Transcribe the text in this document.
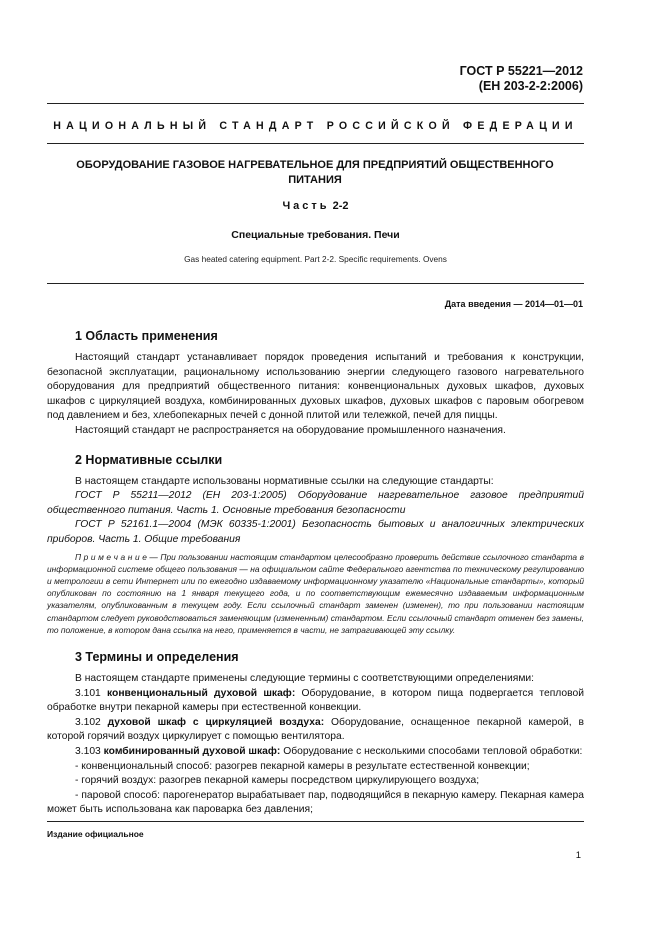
ГОСТ Р 55221—2012
(ЕН 203-2-2:2006)
НАЦИОНАЛЬНЫЙ СТАНДАРТ РОССИЙСКОЙ ФЕДЕРАЦИИ
ОБОРУДОВАНИЕ ГАЗОВОЕ НАГРЕВАТЕЛЬНОЕ ДЛЯ ПРЕДПРИЯТИЙ ОБЩЕСТВЕННОГО ПИТАНИЯ
Часть 2-2
Специальные требования. Печи
Gas heated catering equipment. Part 2-2. Specific requirements. Ovens
Дата введения — 2014—01—01
1 Область применения

Настоящий стандарт устанавливает порядок проведения испытаний и требования к конструкции, безопасной эксплуатации, рациональному использованию энергии следующего газового нагревательного оборудования для предприятий общественного питания: конвенциональных духовых шкафов, духовых шкафов с циркуляцией воздуха, комбинированных духовых шкафов, духовых шкафов с паровым обогревом под давлением и без, хлебопекарных печей с донной плитой или тележкой, печей для пиццы.

Настоящий стандарт не распространяется на оборудование промышленного назначения.

2 Нормативные ссылки

В настоящем стандарте использованы нормативные ссылки на следующие стандарты:

ГОСТ Р 55211—2012 (ЕН 203-1:2005) Оборудование нагревательное газовое предприятий общественного питания. Часть 1. Основные требования безопасности

ГОСТ Р 52161.1—2004 (МЭК 60335-1:2001) Безопасность бытовых и аналогичных электрических приборов. Часть 1. Общие требования

П р и м е ч а н и е — При пользовании настоящим стандартом целесообразно проверить действие ссылочного стандарта в информационной системе общего пользования — на официальном сайте Федерального агентства по техническому регулированию и метрологии в сети Интернет или по ежегодно издаваемому информационному указателю «Национальные стандарты», который опубликован по состоянию на 1 января текущего года, и по соответствующим ежемесячно издаваемым информационным указателям, опубликованным в текущем году. Если ссылочный стандарт заменен (изменен), то при пользовании настоящим стандартом следует руководствоваться заменяющим (измененным) стандартом. Если ссылочный стандарт отменен без замены, то положение, в котором дана ссылка на него, применяется в части, не затрагивающей эту ссылку.

3 Термины и определения

В настоящем стандарте применены следующие термины с соответствующими определениями:

3.101 конвенциональный духовой шкаф: Оборудование, в котором пища подвергается тепловой обработке внутри пекарной камеры при естественной конвекции.

3.102 духовой шкаф с циркуляцией воздуха: Оборудование, оснащенное пекарной камерой, в которой горячий воздух циркулирует с помощью вентилятора.

3.103 комбинированный духовой шкаф: Оборудование с несколькими способами тепловой обработки:

- конвенциональный способ: разогрев пекарной камеры в результате естественной конвекции;

- горячий воздух: разогрев пекарной камеры посредством циркулирующего воздуха;

- паровой способ: парогенератор вырабатывает пар, подводящийся в пекарную камеру. Пекарная камера может быть использована как пароварка без давления;

Издание официальное
1
